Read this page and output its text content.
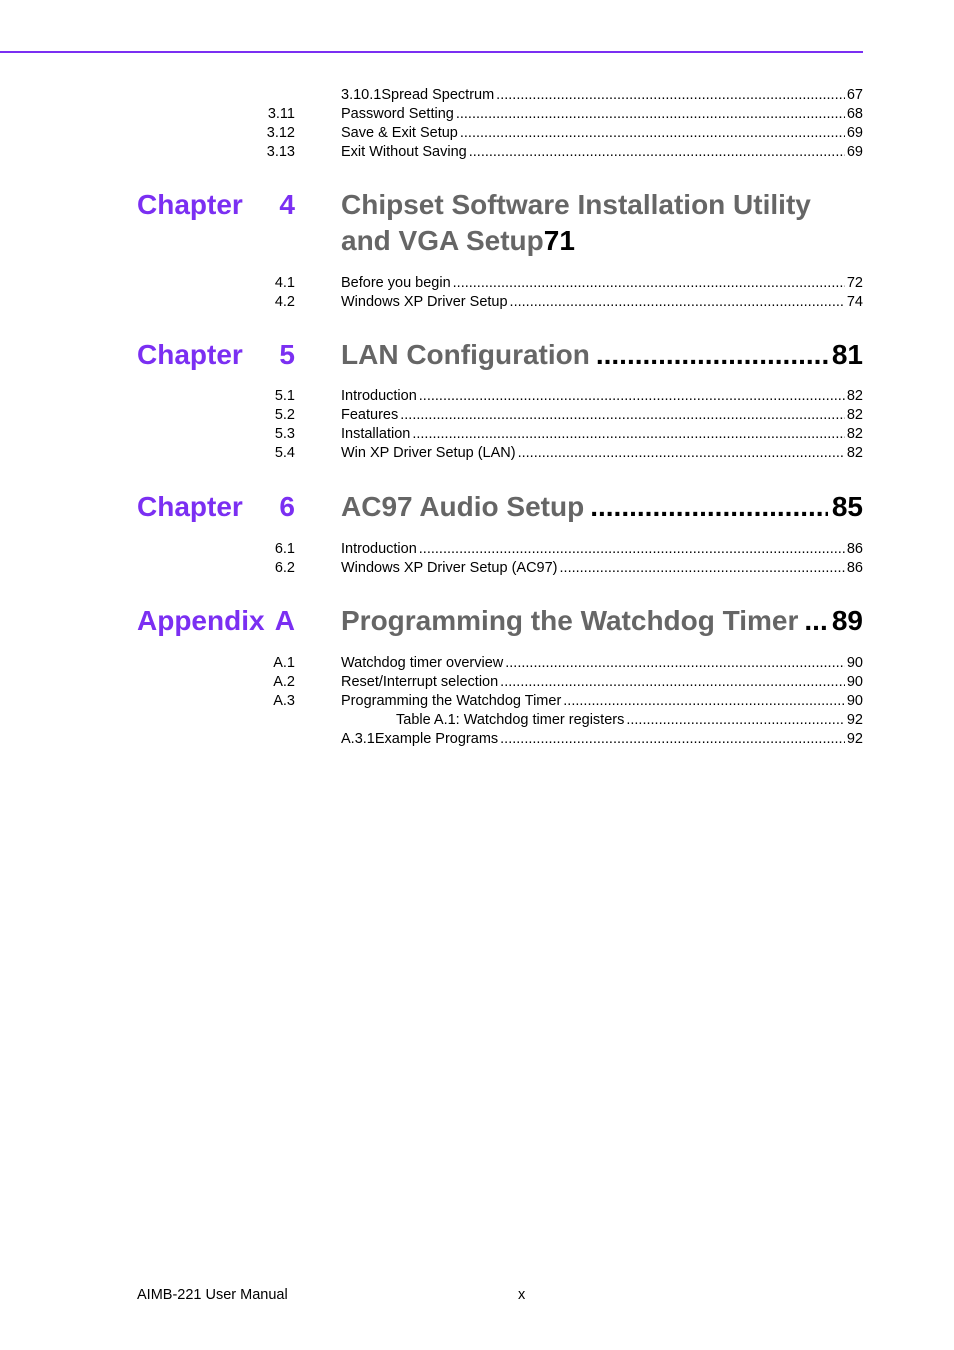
3.10.1 Spread Spectrum .....	67
3.11	Password Setting .....	68
3.12	Save & Exit Setup .....	69
3.13	Exit Without Saving .....	69
Chapter 4 Chipset Software Installation Utility
and VGA Setup71
4.1	Before you begin .....	72
4.2	Windows XP Driver Setup .....	74
Chapter 5 LAN Configuration .....	81
5.1	Introduction .....	82
5.2	Features .....	82
5.3	Installation .....	82
5.4	Win XP Driver Setup (LAN) .....	82
Chapter 6 AC97 Audio Setup .....	85
6.1	Introduction .....	86
6.2	Windows XP Driver Setup (AC97) .....	86
Appendix A Programming the Watchdog Timer ..... 89
A.1	Watchdog timer overview .....	90
A.2	Reset/Interrupt selection .....	90
A.3	Programming the Watchdog Timer .....	90
Table A.1: Watchdog timer registers .....	92
A.3.1 Example Programs .....	92
AIMB-221 User Manual	x
